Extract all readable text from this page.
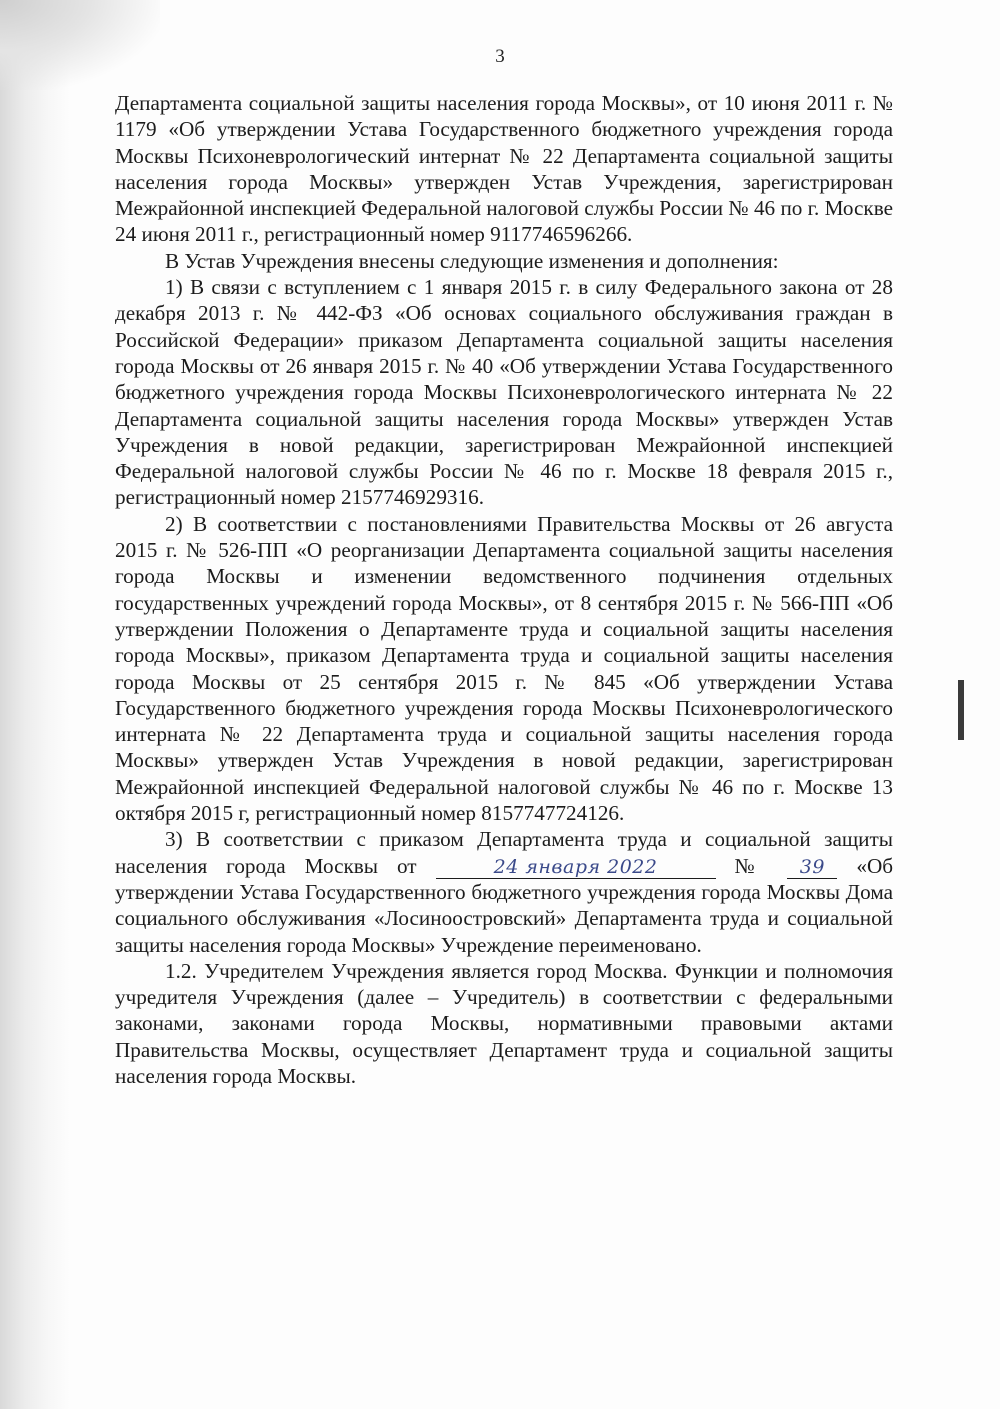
3

Департамента социальной защиты населения города Москвы», от 10 июня 2011 г. № 1179 «Об утверждении Устава Государственного бюджетного учреждения города Москвы Психоневрологический интернат № 22 Департамента социальной защиты населения города Москвы» утвержден Устав Учреждения, зарегистрирован Межрайонной инспекцией Федеральной налоговой службы России № 46 по г. Москве 24 июня 2011 г., регистрационный номер 9117746596266.

В Устав Учреждения внесены следующие изменения и дополнения:

1) В связи с вступлением с 1 января 2015 г. в силу Федерального закона от 28 декабря 2013 г. № 442-ФЗ «Об основах социального обслуживания граждан в Российской Федерации» приказом Департамента социальной защиты населения города Москвы от 26 января 2015 г. № 40 «Об утверждении Устава Государственного бюджетного учреждения города Москвы Психоневрологического интерната № 22 Департамента социальной защиты населения города Москвы» утвержден Устав Учреждения в новой редакции, зарегистрирован Межрайонной инспекцией Федеральной налоговой службы России № 46 по г. Москве 18 февраля 2015 г., регистрационный номер 2157746929316.

2) В соответствии с постановлениями Правительства Москвы от 26 августа 2015 г. № 526-ПП «О реорганизации Департамента социальной защиты населения города Москвы и изменении ведомственного подчинения отдельных государственных учреждений города Москвы», от 8 сентября 2015 г. № 566-ПП «Об утверждении Положения о Департаменте труда и социальной защиты населения города Москвы», приказом Департамента труда и социальной защиты населения города Москвы от 25 сентября 2015 г. № 845 «Об утверждении Устава Государственного бюджетного учреждения города Москвы Психоневрологического интерната № 22 Департамента труда и социальной защиты населения города Москвы» утвержден Устав Учреждения в новой редакции, зарегистрирован Межрайонной инспекцией Федеральной налоговой службы № 46 по г. Москве 13 октября 2015 г, регистрационный номер 8157747724126.

3) В соответствии с приказом Департамента труда и социальной защиты населения города Москвы от	24 января 2022	№ 39 «Об утверждении Устава Государственного бюджетного учреждения города Москвы Дома социального обслуживания «Лосиноостровский» Департамента труда и социальной защиты населения города Москвы» Учреждение переименовано.

1.2. Учредителем Учреждения является город Москва. Функции и полномочия учредителя Учреждения (далее – Учредитель) в соответствии с федеральными законами, законами города Москвы, нормативными правовыми актами Правительства Москвы, осуществляет Департамент труда и социальной защиты населения города Москвы.
